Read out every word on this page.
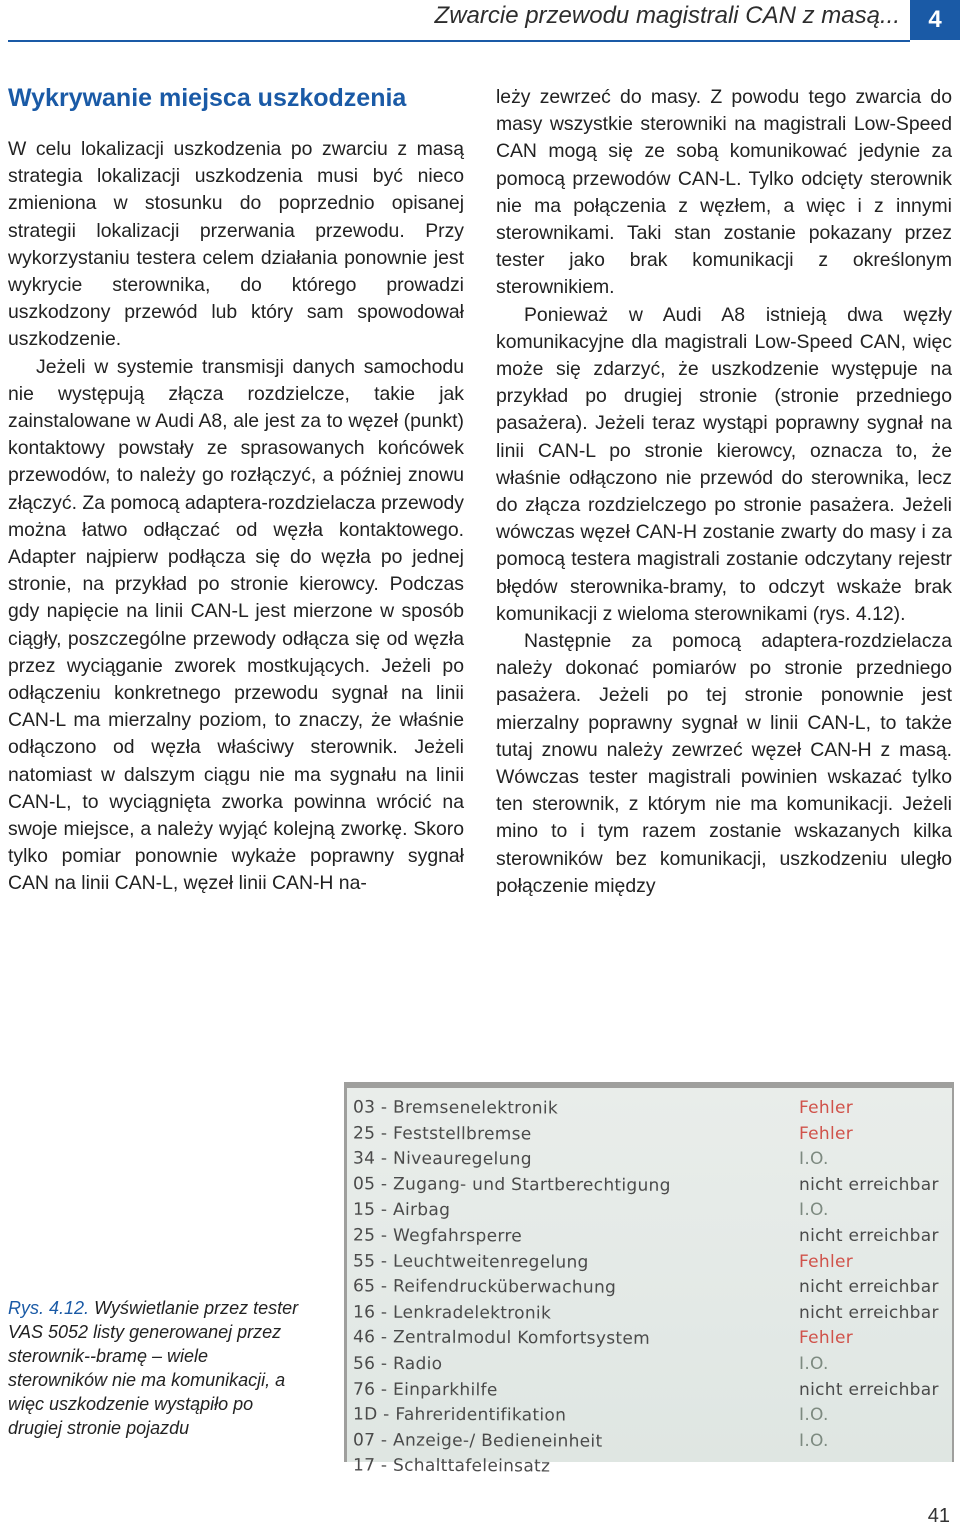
Zwarcie przewodu magistrali CAN z masą...	4
Wykrywanie miejsca uszkodzenia

W celu lokalizacji uszkodzenia po zwarciu z masą strategia lokalizacji uszkodzenia musi być nieco zmieniona w stosunku do poprzednio opisanej strategii lokalizacji przerwania przewodu. Przy wykorzystaniu testera celem działania ponownie jest wykrycie sterownika, do którego prowadzi uszkodzony przewód lub który sam spowodował uszkodzenie.

Jeżeli w systemie transmisji danych samochodu nie występują złącza rozdzielcze, takie jak zainstalowane w Audi A8, ale jest za to węzeł (punkt) kontaktowy powstały ze sprasowanych końcówek przewodów, to należy go rozłączyć, a później znowu złączyć. Za pomocą adaptera-rozdzielacza przewody można łatwo odłączać od węzła kontaktowego. Adapter najpierw podłącza się do węzła po jednej stronie, na przykład po stronie kierowcy. Podczas gdy napięcie na linii CAN-L jest mierzone w sposób ciągły, poszczególne przewody odłącza się od węzła przez wyciąganie zworek mostkujących. Jeżeli po odłączeniu konkretnego przewodu sygnał na linii CAN-L ma mierzalny poziom, to znaczy, że właśnie odłączono od węzła właściwy sterownik. Jeżeli natomiast w dalszym ciągu nie ma sygnału na linii CAN-L, to wyciągnięta zworka powinna wrócić na swoje miejsce, a należy wyjąć kolejną zworkę. Skoro tylko pomiar ponownie wykaże poprawny sygnał CAN na linii CAN-L, węzeł linii CAN-H na-

leży zewrzeć do masy. Z powodu tego zwarcia do masy wszystkie sterowniki na magistrali Low-Speed CAN mogą się ze sobą komunikować jedynie za pomocą przewodów CAN-L. Tylko odcięty sterownik nie ma połączenia z węzłem, a więc i z innymi sterownikami. Taki stan zostanie pokazany przez tester jako brak komunikacji z określonym sterownikiem.

Ponieważ w Audi A8 istnieją dwa węzły komunikacyjne dla magistrali Low-Speed CAN, więc może się zdarzyć, że uszkodzenie występuje na przykład po drugiej stronie (stronie przedniego pasażera). Jeżeli teraz wystąpi poprawny sygnał na linii CAN-L po stronie kierowcy, oznacza to, że właśnie odłączono nie przewód do sterownika, lecz do złącza rozdzielczego po stronie pasażera. Jeżeli wówczas węzeł CAN-H zostanie zwarty do masy i za pomocą testera magistrali zostanie odczytany rejestr błędów sterownika-bramy, to odczyt wskaże brak komunikacji z wieloma sterownikami (rys. 4.12).

Następnie za pomocą adaptera-rozdzielacza należy dokonać pomiarów po stronie przedniego pasażera. Jeżeli po tej stronie ponownie jest mierzalny poprawny sygnał w linii CAN-L, to także tutaj znowu należy zewrzeć węzeł CAN-H z masą. Wówczas tester magistrali powinien wskazać tylko ten sterownik, z którym nie ma komunikacji. Jeżeli mino to i tym razem zostanie wskazanych kilka sterowników bez komunikacji, uszkodzeniu uległo połączenie między

03 - Bremsenelektronik	Fehler
25 - Feststellbremse	Fehler
34 - Niveauregelung	I.O.
05 - Zugang- und Startberechtigung	nicht erreichbar
15 - Airbag	I.O.
25 - Wegfahrsperre	nicht erreichbar
55 - Leuchtweitenregelung	Fehler
65 - Reifendrucküberwachung	nicht erreichbar
16 - Lenkradelektronik	nicht erreichbar
46 - Zentralmodul Komfortsystem	Fehler
56 - Radio	I.O.
76 - Einparkhilfe	nicht erreichbar
1D - Fahreridentifikation	I.O.
07 - Anzeige-/ Bedieneinheit	I.O.
17 - Schalttafeleinsatz
Rys. 4.12. Wyświetlanie przez tester VAS 5052 listy generowanej przez sterownik--bramę – wiele sterowników nie ma komunikacji, a więc uszkodzenie wystąpiło po drugiej stronie pojazdu
41
